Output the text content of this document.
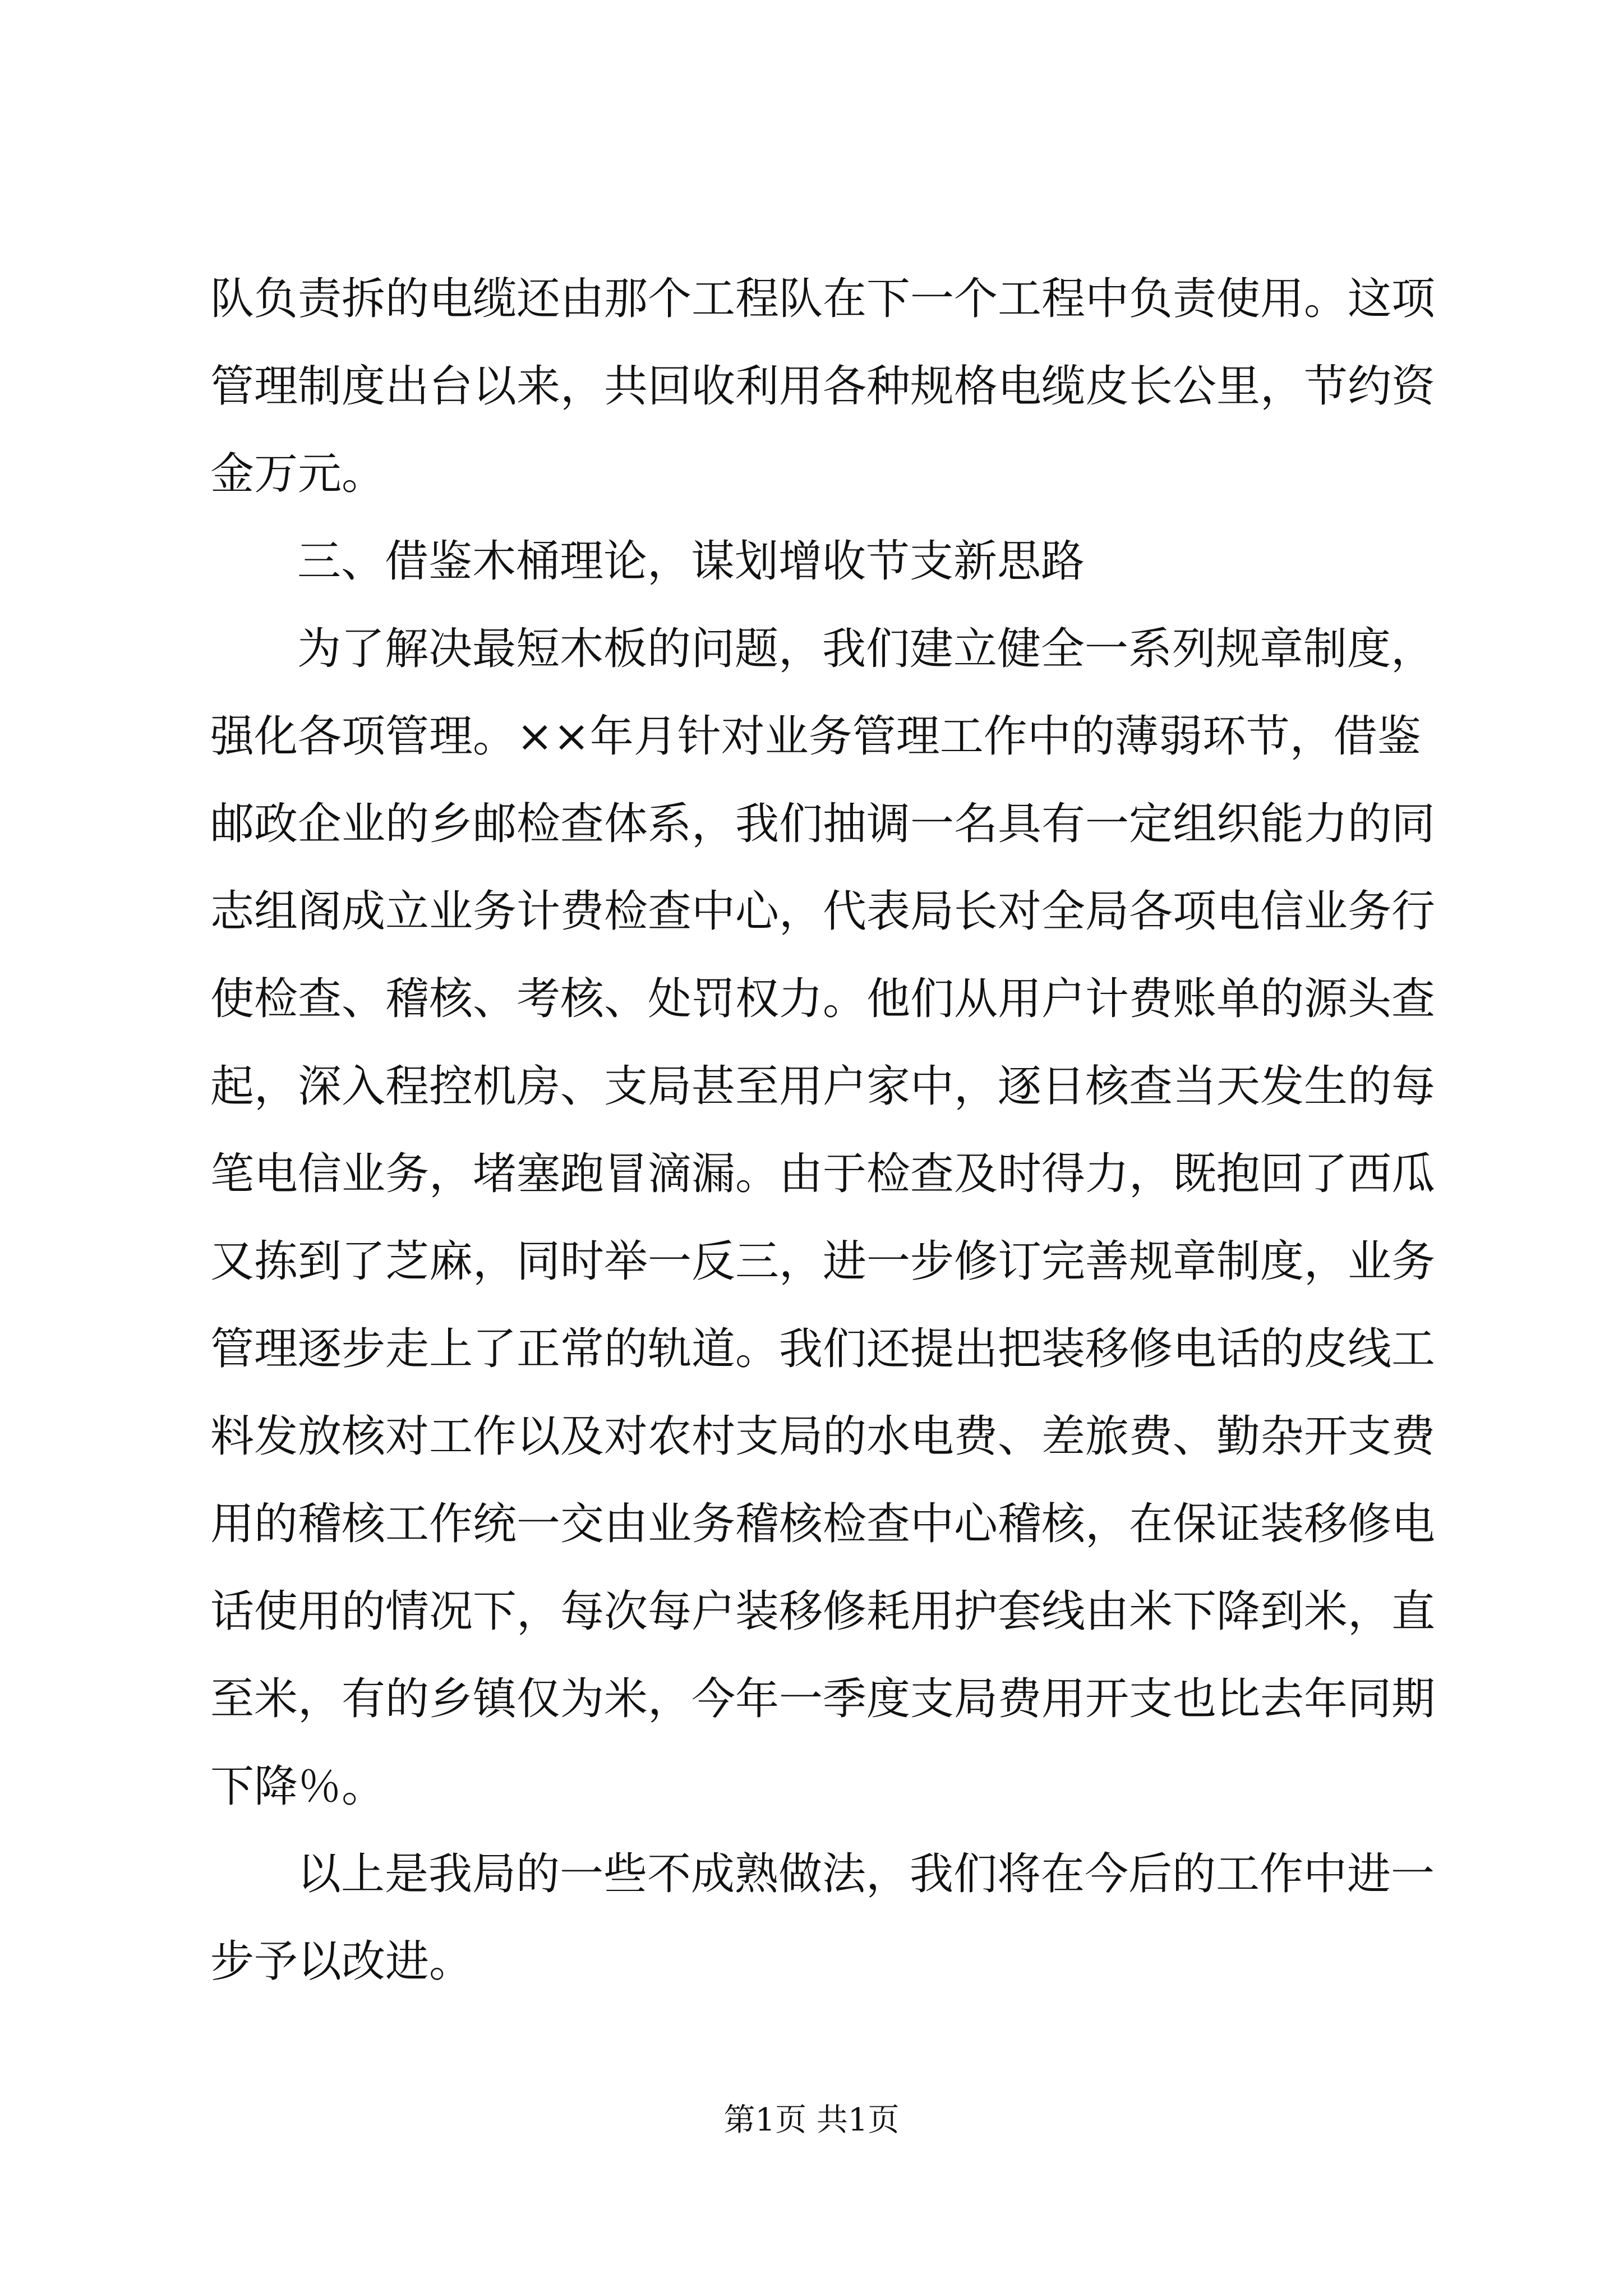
队负责拆的电缆还由那个工程队在下一个工程中负责使用。这项

管理制度出台以来，共回收利用各种规格电缆皮长公里，节约资

金万元。

三、借鉴木桶理论，谋划增收节支新思路

为了解决最短木板的问题，我们建立健全一系列规章制度，

强化各项管理。××年月针对业务管理工作中的薄弱环节，借鉴

邮政企业的乡邮检查体系，我们抽调一名具有一定组织能力的同

志组阁成立业务计费检查中心，代表局长对全局各项电信业务行

使检查、稽核、考核、处罚权力。他们从用户计费账单的源头查

起，深入程控机房、支局甚至用户家中，逐日核查当天发生的每

笔电信业务，堵塞跑冒滴漏。由于检查及时得力，既抱回了西瓜

又拣到了芝麻，同时举一反三，进一步修订完善规章制度，业务

管理逐步走上了正常的轨道。我们还提出把装移修电话的皮线工

料发放核对工作以及对农村支局的水电费、差旅费、勤杂开支费

用的稽核工作统一交由业务稽核检查中心稽核，在保证装移修电

话使用的情况下，每次每户装移修耗用护套线由米下降到米，直

至米，有的乡镇仅为米，今年一季度支局费用开支也比去年同期

下降％。

以上是我局的一些不成熟做法，我们将在今后的工作中进一

步予以改进。

第1页 共1页
